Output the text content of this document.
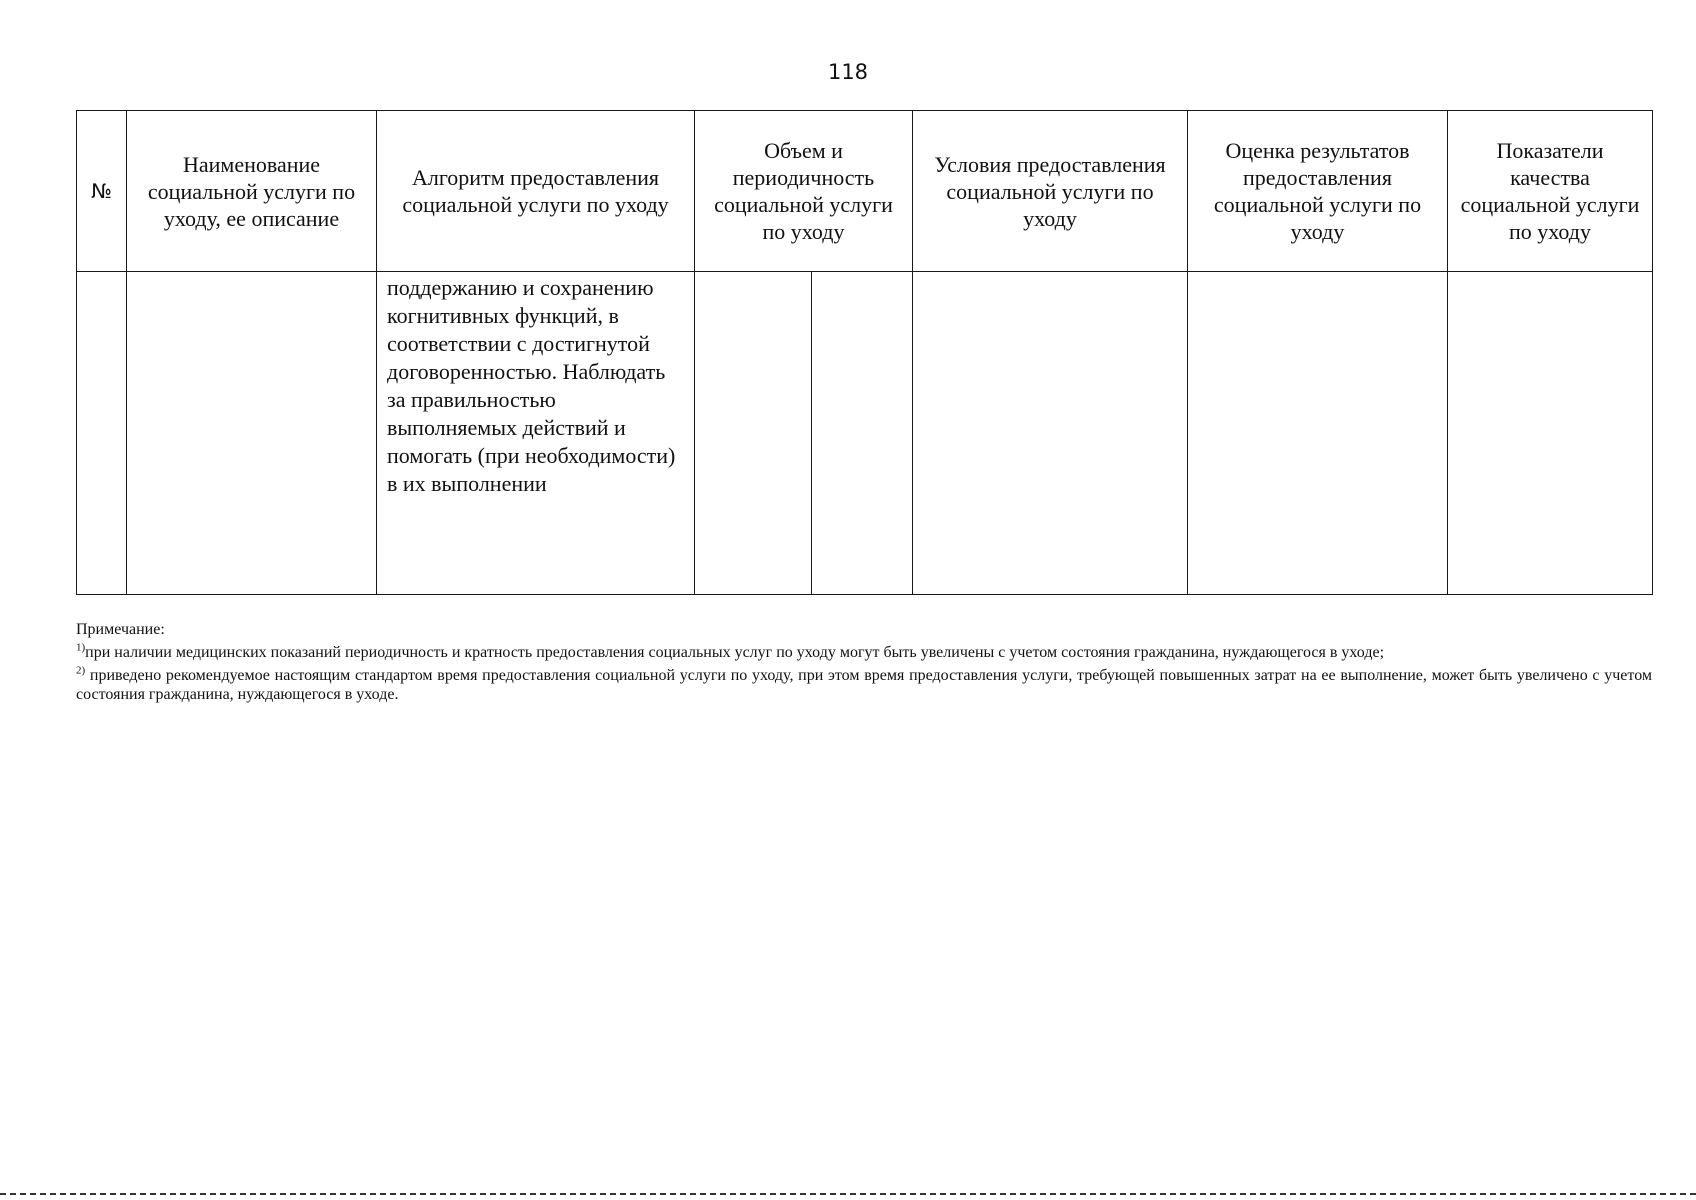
118
№	Наименование социальной услуги по уходу, ее описание	Алгоритм предоставления социальной услуги по уходу	Объем и периодичность социальной услуги по уходу		Условия предоставления социальной услуги по уходу	Оценка результатов предоставления социальной услуги по уходу	Показатели качества социальной услуги по уходу
		поддержанию и сохранению когнитивных функций, в соответствии с достигнутой договоренностью. Наблюдать за правильностью выполняемых действий и помогать (при необходимости) в их выполнении					

Примечание:

$^{1)}$при наличии медицинских показаний периодичность и кратность предоставления социальных услуг по уходу могут быть увеличены с учетом состояния гражданина, нуждающегося в уходе;

$^{2)}$ приведено рекомендуемое настоящим стандартом время предоставления социальной услуги по уходу, при этом время предоставления услуги, требующей повышенных затрат на ее выполнение, может быть увеличено с учетом состояния гражданина, нуждающегося в уходе.
